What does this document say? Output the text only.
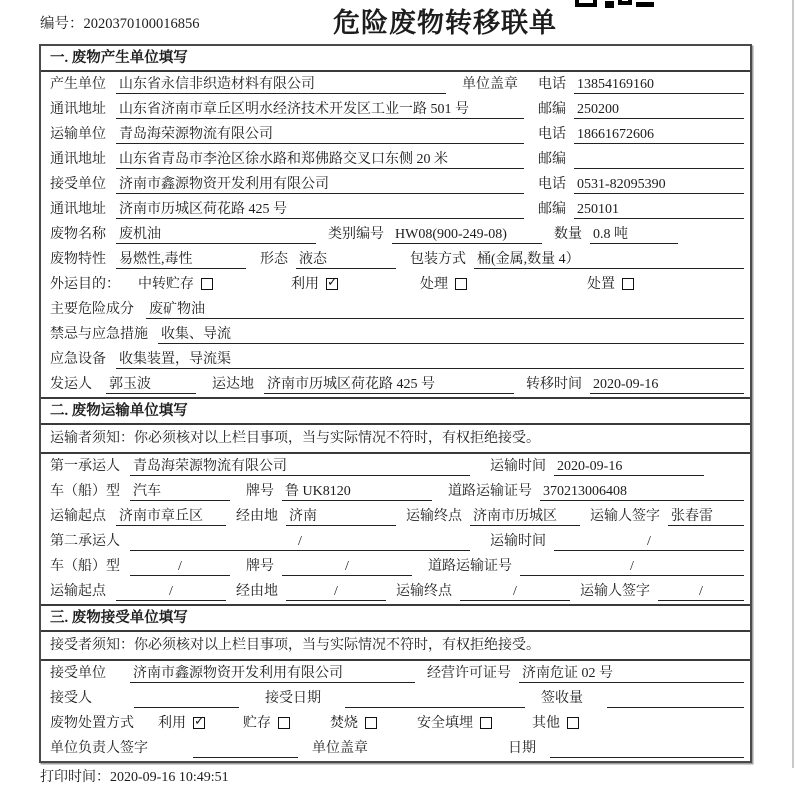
编号：2020370100016856	危险废物转移联单
一. 废物产生单位填写
产生单位 山东省永信非织造材料有限公司	单位盖章 电话 13854169160
通讯地址 山东省济南市章丘区明水经济技术开发区工业一路 501 号	邮编 250200
运输单位 青岛海荣源物流有限公司	电话 18661672606
通讯地址 山东省青岛市李沧区徐水路和郑佛路交叉口东侧 20 米	邮编
接受单位 济南市鑫源物资开发利用有限公司	电话 0531-82095390
通讯地址 济南市历城区荷花路 425 号	邮编 250101
废物名称 废机油	类别编号 HW08(900-249-08)	数量 0.8 吨
废物特性 易燃性,毒性	形态 液态	包装方式 桶(金属,数量 4）
外运目的： 中转贮存	利用 ✓	处理	处置
主要危险成分 废矿物油
禁忌与应急措施 收集、导流
应急设备 收集装置，导流渠
发运人 郭玉波	运达地 济南市历城区荷花路 425 号	转移时间 2020-09-16
二. 废物运输单位填写
运输者须知：你必须核对以上栏目事项，当与实际情况不符时，有权拒绝接受。
第一承运人 青岛海荣源物流有限公司	运输时间 2020-09-16
车（船）型 汽车	牌号 鲁 UK8120	道路运输证号 370213006408
运输起点 济南市章丘区	经由地 济南	运输终点 济南市历城区	运输人签字 张春雷
第二承运人	/	运输时间	/
车（船）型	/	牌号	/	道路运输证号	/
运输起点	/	经由地	/	运输终点	/	运输人签字	/
三. 废物接受单位填写
接受者须知：你必须核对以上栏目事项，当与实际情况不符时，有权拒绝接受。
接受单位 济南市鑫源物资开发利用有限公司	经营许可证号 济南危证 02 号
接受人	接受日期	签收量
废物处置方式 利用 ✓	贮存	焚烧	安全填埋	其他
单位负责人签字	单位盖章	日期
打印时间：2020-09-16 10:49:51
